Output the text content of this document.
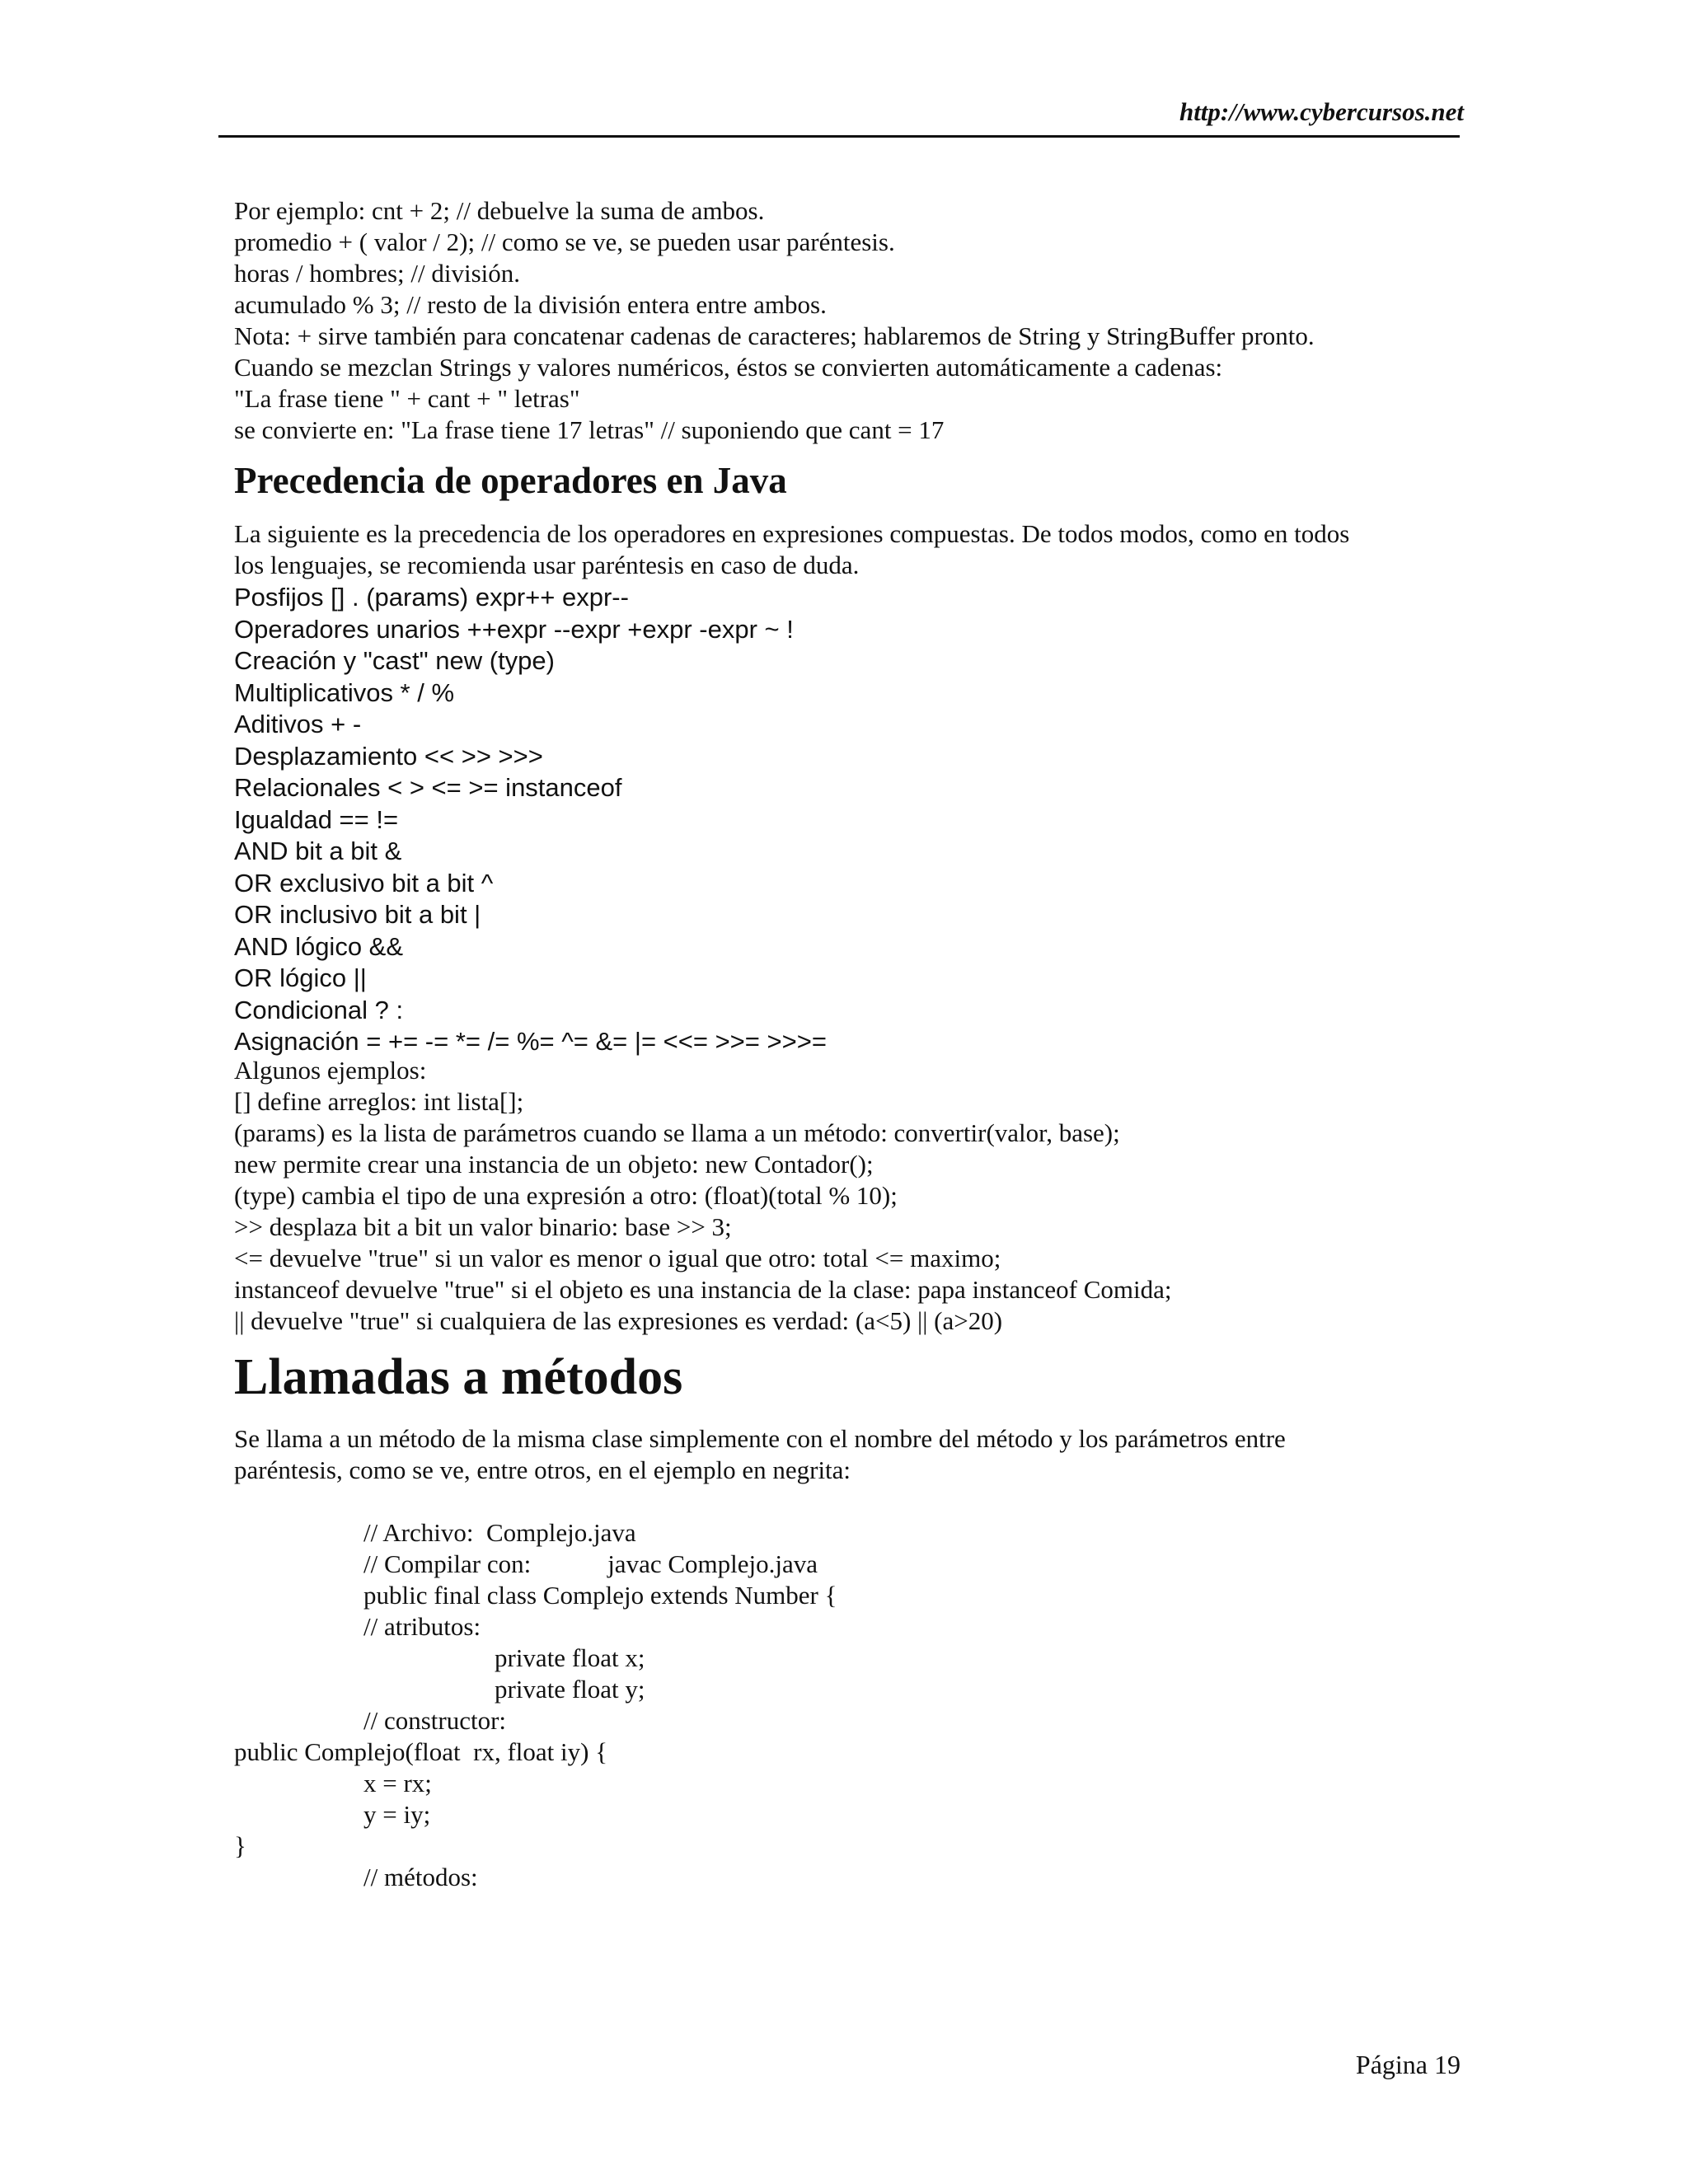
http://www.cybercursos.net

Por ejemplo: cnt + 2; // debuelve la suma de ambos.

promedio + ( valor / 2); // como se ve, se pueden usar paréntesis.

horas / hombres; // división.

acumulado % 3; // resto de la división entera entre ambos.

Nota: + sirve también para concatenar cadenas de caracteres; hablaremos de String y StringBuffer pronto.

Cuando se mezclan Strings y valores numéricos, éstos se convierten automáticamente a cadenas:

"La frase tiene " + cant + " letras"

se convierte en: "La frase tiene 17 letras" // suponiendo que cant = 17

Precedencia de operadores en Java

La siguiente es la precedencia de los operadores en expresiones compuestas. De todos modos, como en todos

los lenguajes, se recomienda usar paréntesis en caso de duda.

Posfijos [] . (params) expr++ expr--

Operadores unarios ++expr --expr +expr -expr ~ !

Creación y "cast" new (type)

Multiplicativos * / %

Aditivos + -

Desplazamiento << >> >>>

Relacionales < > <= >= instanceof

Igualdad == !=

AND bit a bit &

OR exclusivo bit a bit ^

OR inclusivo bit a bit |

AND lógico &&

OR lógico ||

Condicional ? :

Asignación = += -= *= /= %= ^= &= |= <<= >>= >>>=

Algunos ejemplos:

[] define arreglos: int lista[];

(params) es la lista de parámetros cuando se llama a un método: convertir(valor, base);

new permite crear una instancia de un objeto: new Contador();

(type) cambia el tipo de una expresión a otro: (float)(total % 10);

>> desplaza bit a bit un valor binario: base >> 3;

<= devuelve "true" si un valor es menor o igual que otro: total <= maximo;

instanceof devuelve "true" si el objeto es una instancia de la clase: papa instanceof Comida;

|| devuelve "true" si cualquiera de las expresiones es verdad: (a<5) || (a>20)

Llamadas a métodos

Se llama a un método de la misma clase simplemente con el nombre del método y los parámetros entre

paréntesis, como se ve, entre otros, en el ejemplo en negrita:

// Archivo:  Complejo.java

// Compilar con:            javac Complejo.java

public final class Complejo extends Number {

// atributos:

private float x;

private float y;

// constructor:

public Complejo(float  rx, float iy) {

x = rx;

y = iy;

}

// métodos:

Página 19
